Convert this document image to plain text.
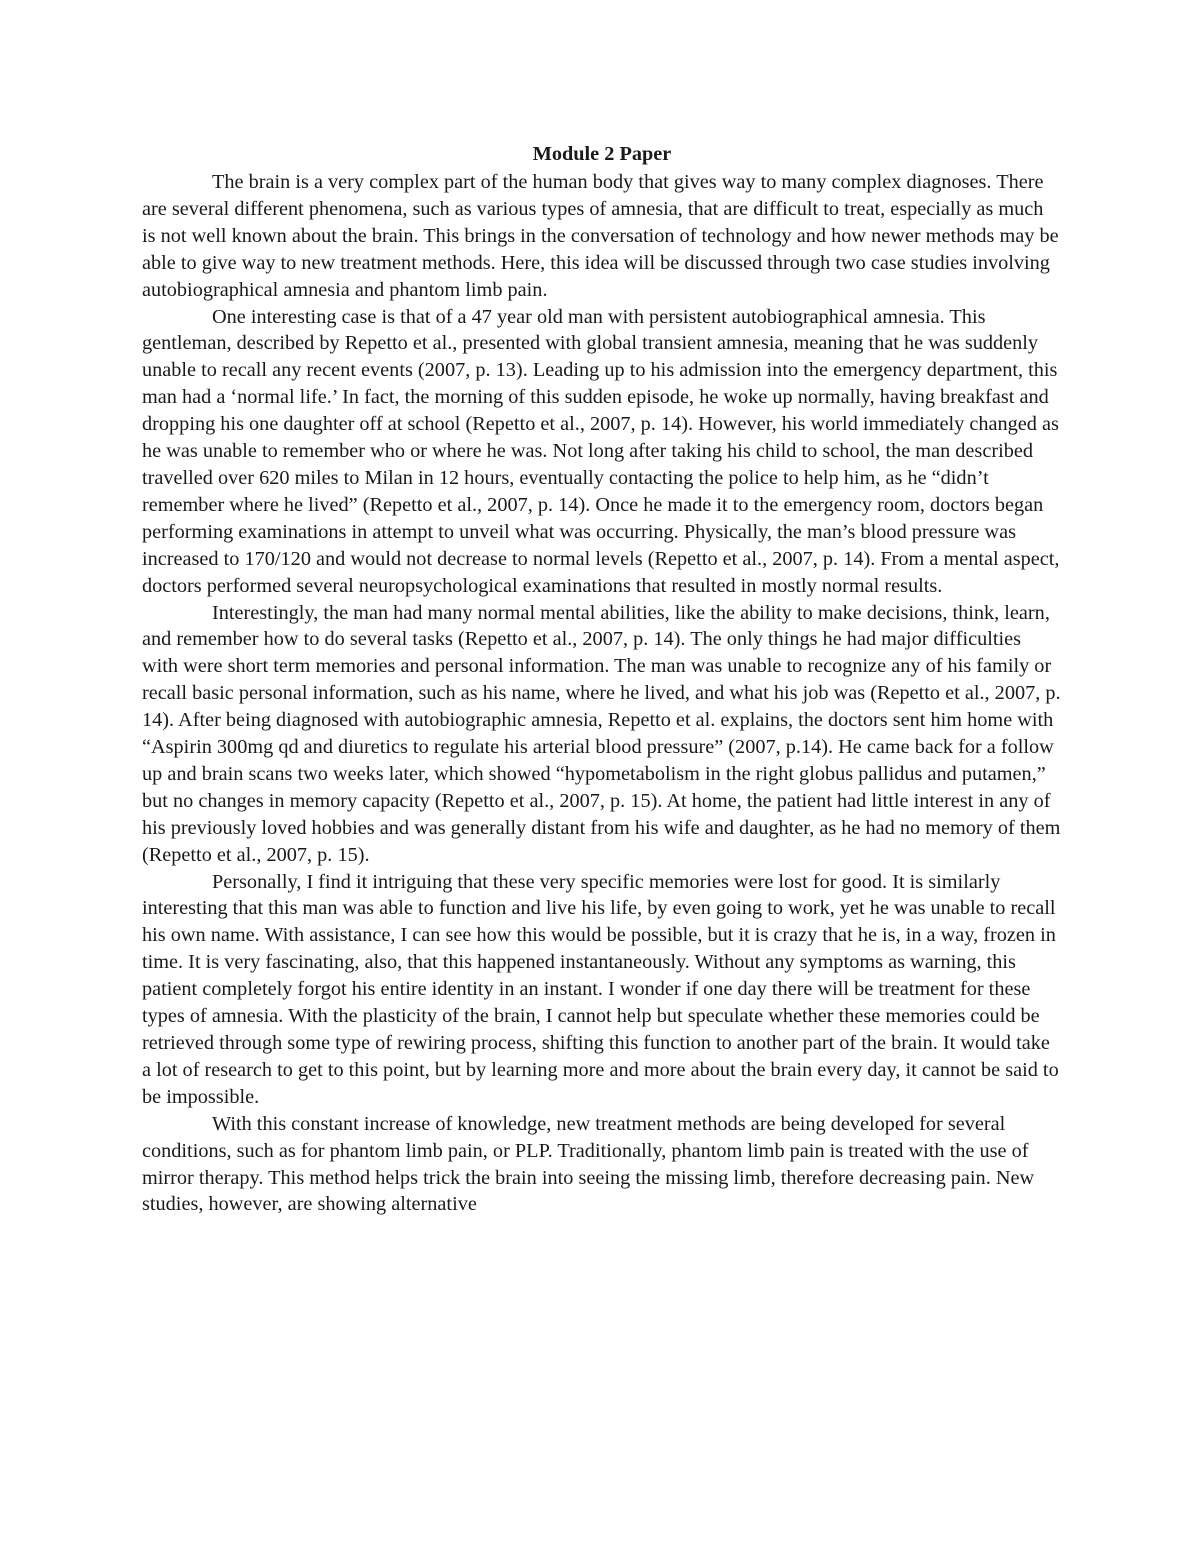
Module 2 Paper

The brain is a very complex part of the human body that gives way to many complex diagnoses. There are several different phenomena, such as various types of amnesia, that are difficult to treat, especially as much is not well known about the brain. This brings in the conversation of technology and how newer methods may be able to give way to new treatment methods. Here, this idea will be discussed through two case studies involving autobiographical amnesia and phantom limb pain.

One interesting case is that of a 47 year old man with persistent autobiographical amnesia. This gentleman, described by Repetto et al., presented with global transient amnesia, meaning that he was suddenly unable to recall any recent events (2007, p. 13). Leading up to his admission into the emergency department, this man had a ‘normal life.’ In fact, the morning of this sudden episode, he woke up normally, having breakfast and dropping his one daughter off at school (Repetto et al., 2007, p. 14). However, his world immediately changed as he was unable to remember who or where he was. Not long after taking his child to school, the man described travelled over 620 miles to Milan in 12 hours, eventually contacting the police to help him, as he “didn’t remember where he lived” (Repetto et al., 2007, p. 14). Once he made it to the emergency room, doctors began performing examinations in attempt to unveil what was occurring. Physically, the man’s blood pressure was increased to 170/120 and would not decrease to normal levels (Repetto et al., 2007, p. 14). From a mental aspect, doctors performed several neuropsychological examinations that resulted in mostly normal results.

Interestingly, the man had many normal mental abilities, like the ability to make decisions, think, learn, and remember how to do several tasks (Repetto et al., 2007, p. 14). The only things he had major difficulties with were short term memories and personal information. The man was unable to recognize any of his family or recall basic personal information, such as his name, where he lived, and what his job was (Repetto et al., 2007, p. 14). After being diagnosed with autobiographic amnesia, Repetto et al. explains, the doctors sent him home with “Aspirin 300mg qd and diuretics to regulate his arterial blood pressure” (2007, p.14). He came back for a follow up and brain scans two weeks later, which showed “hypometabolism in the right globus pallidus and putamen,” but no changes in memory capacity (Repetto et al., 2007, p. 15). At home, the patient had little interest in any of his previously loved hobbies and was generally distant from his wife and daughter, as he had no memory of them (Repetto et al., 2007, p. 15).

Personally, I find it intriguing that these very specific memories were lost for good. It is similarly interesting that this man was able to function and live his life, by even going to work, yet he was unable to recall his own name. With assistance, I can see how this would be possible, but it is crazy that he is, in a way, frozen in time. It is very fascinating, also, that this happened instantaneously. Without any symptoms as warning, this patient completely forgot his entire identity in an instant. I wonder if one day there will be treatment for these types of amnesia. With the plasticity of the brain, I cannot help but speculate whether these memories could be retrieved through some type of rewiring process, shifting this function to another part of the brain. It would take a lot of research to get to this point, but by learning more and more about the brain every day, it cannot be said to be impossible.

With this constant increase of knowledge, new treatment methods are being developed for several conditions, such as for phantom limb pain, or PLP. Traditionally, phantom limb pain is treated with the use of mirror therapy. This method helps trick the brain into seeing the missing limb, therefore decreasing pain. New studies, however, are showing alternative
